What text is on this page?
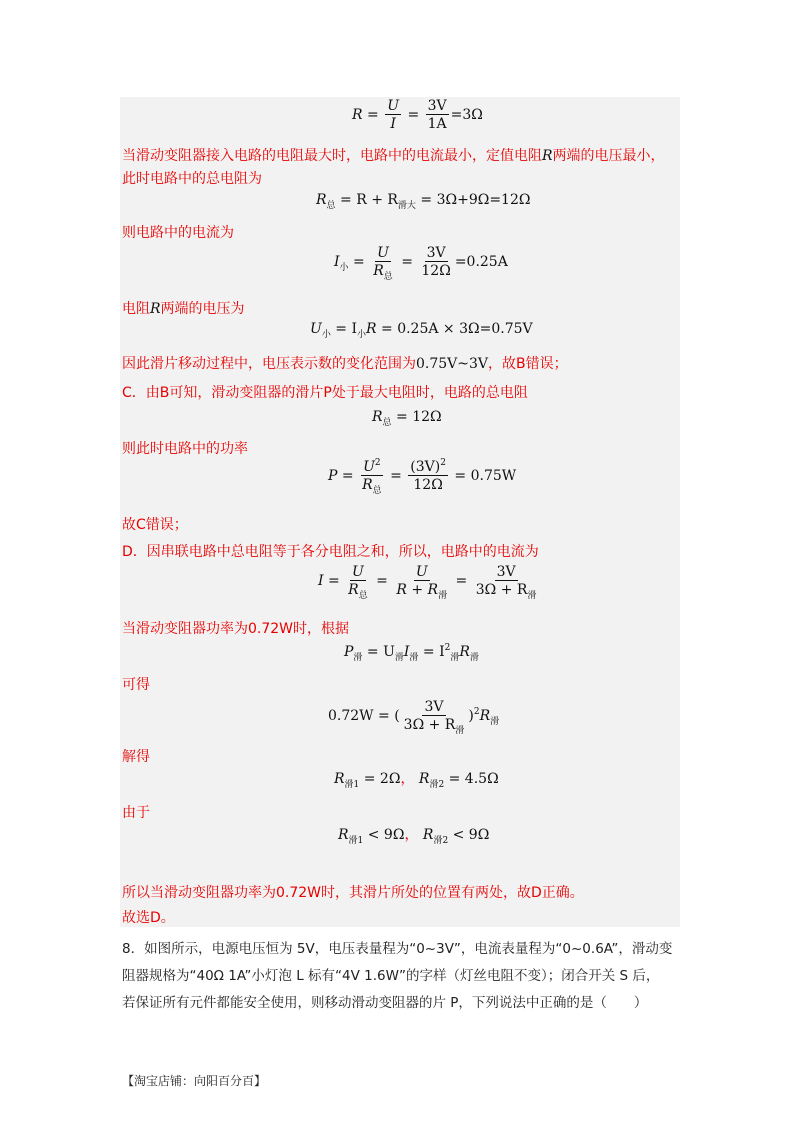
$R = \frac{U}{I} = \frac{3V}{1A} =3\Omega$
当滑动变阻器接入电路的电阻最大时，电路中的电流最小，定值电阻R两端的电压最小，
此时电路中的总电阻为
$R_总 = R + R_{滑大} = 3\Omega+9\Omega=12\Omega$
则电路中的电流为
$I_小 = \frac{U}{R_总} = \frac{3V}{12\Omega} =0.25A$
电阻R两端的电压为
$U_小 = I_小R = 0.25A \times 3\Omega=0.75V$
因此滑片移动过程中，电压表示数的变化范围为0.75V~3V，故B错误；
C．由B可知，滑动变阻器的滑片P处于最大电阻时，电路的总电阻
$R_总 = 12\Omega$
则此时电路中的功率
$P = \frac{U^2}{R_总} = \frac{(3V)^2}{12\Omega} = 0.75W$
故C错误；
D．因串联电路中总电阻等于各分电阻之和，所以，电路中的电流为
$I = \frac{U}{R_总} = \frac{U}{R + R_滑} = \frac{3V}{3\Omega + R_滑}$
当滑动变阻器功率为0.72W时，根据
$P_滑 = U_滑I_滑 = I^2_滑R_滑$
可得
0.72W = ( $\frac{3V}{3\Omega + R_滑} )^2R_滑$
解得
$R_{滑1} = 2\Omega$， $R_{滑2} = 4.5\Omega$
由于
$R_{滑1} < 9\Omega$， $R_{滑2} < 9\Omega$
所以当滑动变阻器功率为0.72W时，其滑片所处的位置有两处，故D正确。
故选D。
8．如图所示，电源电压恒为 5V，电压表量程为“0~3V”，电流表量程为“0~0.6A”，滑动变
阻器规格为“40Ω 1A”小灯泡 L 标有“4V 1.6W”的字样（灯丝电阻不变）；闭合开关 S 后，
若保证所有元件都能安全使用，则移动滑动变阻器的片 P，下列说法中正确的是（　　）
【淘宝店铺：向阳百分百】
